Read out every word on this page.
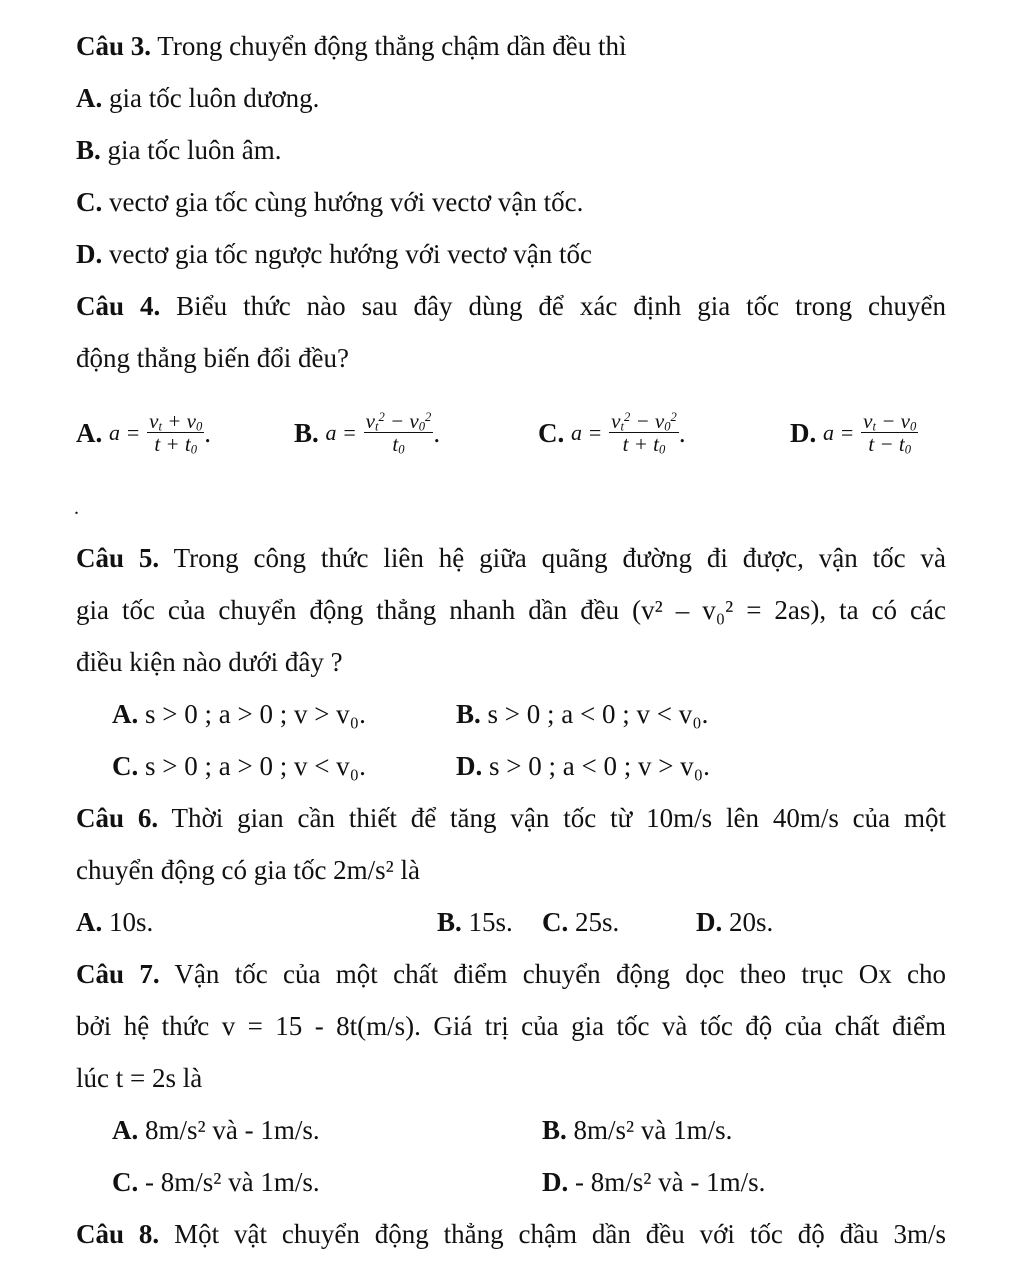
Câu 3. Trong chuyển động thẳng chậm dần đều thì
A. gia tốc luôn dương.
B. gia tốc luôn âm.
C. vectơ gia tốc cùng hướng với vectơ vận tốc.
D. vectơ gia tốc ngược hướng với vectơ vận tốc
Câu 4. Biểu thức nào sau đây dùng để xác định gia tốc trong chuyển
động thẳng biến đổi đều?
A. $a = \frac{v_t + v_0}{t + t_0}$ .	B. $a = \frac{v_t^2 - v_0^2}{t_0}$ .	C. $a = \frac{v_t^2 - v_0^2}{t + t_0}$ .	D. $a = \frac{v_t - v_0}{t - t_0}$
.
Câu 5. Trong công thức liên hệ giữa quãng đường đi được, vận tốc và
gia tốc của chuyển động thẳng nhanh dần đều (v² – v₀² = 2as), ta có các
điều kiện nào dưới đây ?
A. s > 0 ; a > 0 ; v > v₀.	B. s > 0 ; a < 0 ; v < v₀.
C. s > 0 ; a > 0 ; v < v₀.	D. s > 0 ; a < 0 ; v > v₀.
Câu 6. Thời gian cần thiết để tăng vận tốc từ 10m/s lên 40m/s của một
chuyển động có gia tốc 2m/s² là
A. 10s.	B. 15s. C. 25s.	D. 20s.
Câu 7. Vận tốc của một chất điểm chuyển động dọc theo trục Ox cho
bởi hệ thức v = 15 - 8t(m/s). Giá trị của gia tốc và tốc độ của chất điểm
lúc t = 2s là
A. 8m/s² và - 1m/s.	B. 8m/s² và 1m/s.
C. - 8m/s² và 1m/s.	D. - 8m/s² và - 1m/s.
Câu 8. Một vật chuyển động thẳng chậm dần đều với tốc độ đầu 3m/s
